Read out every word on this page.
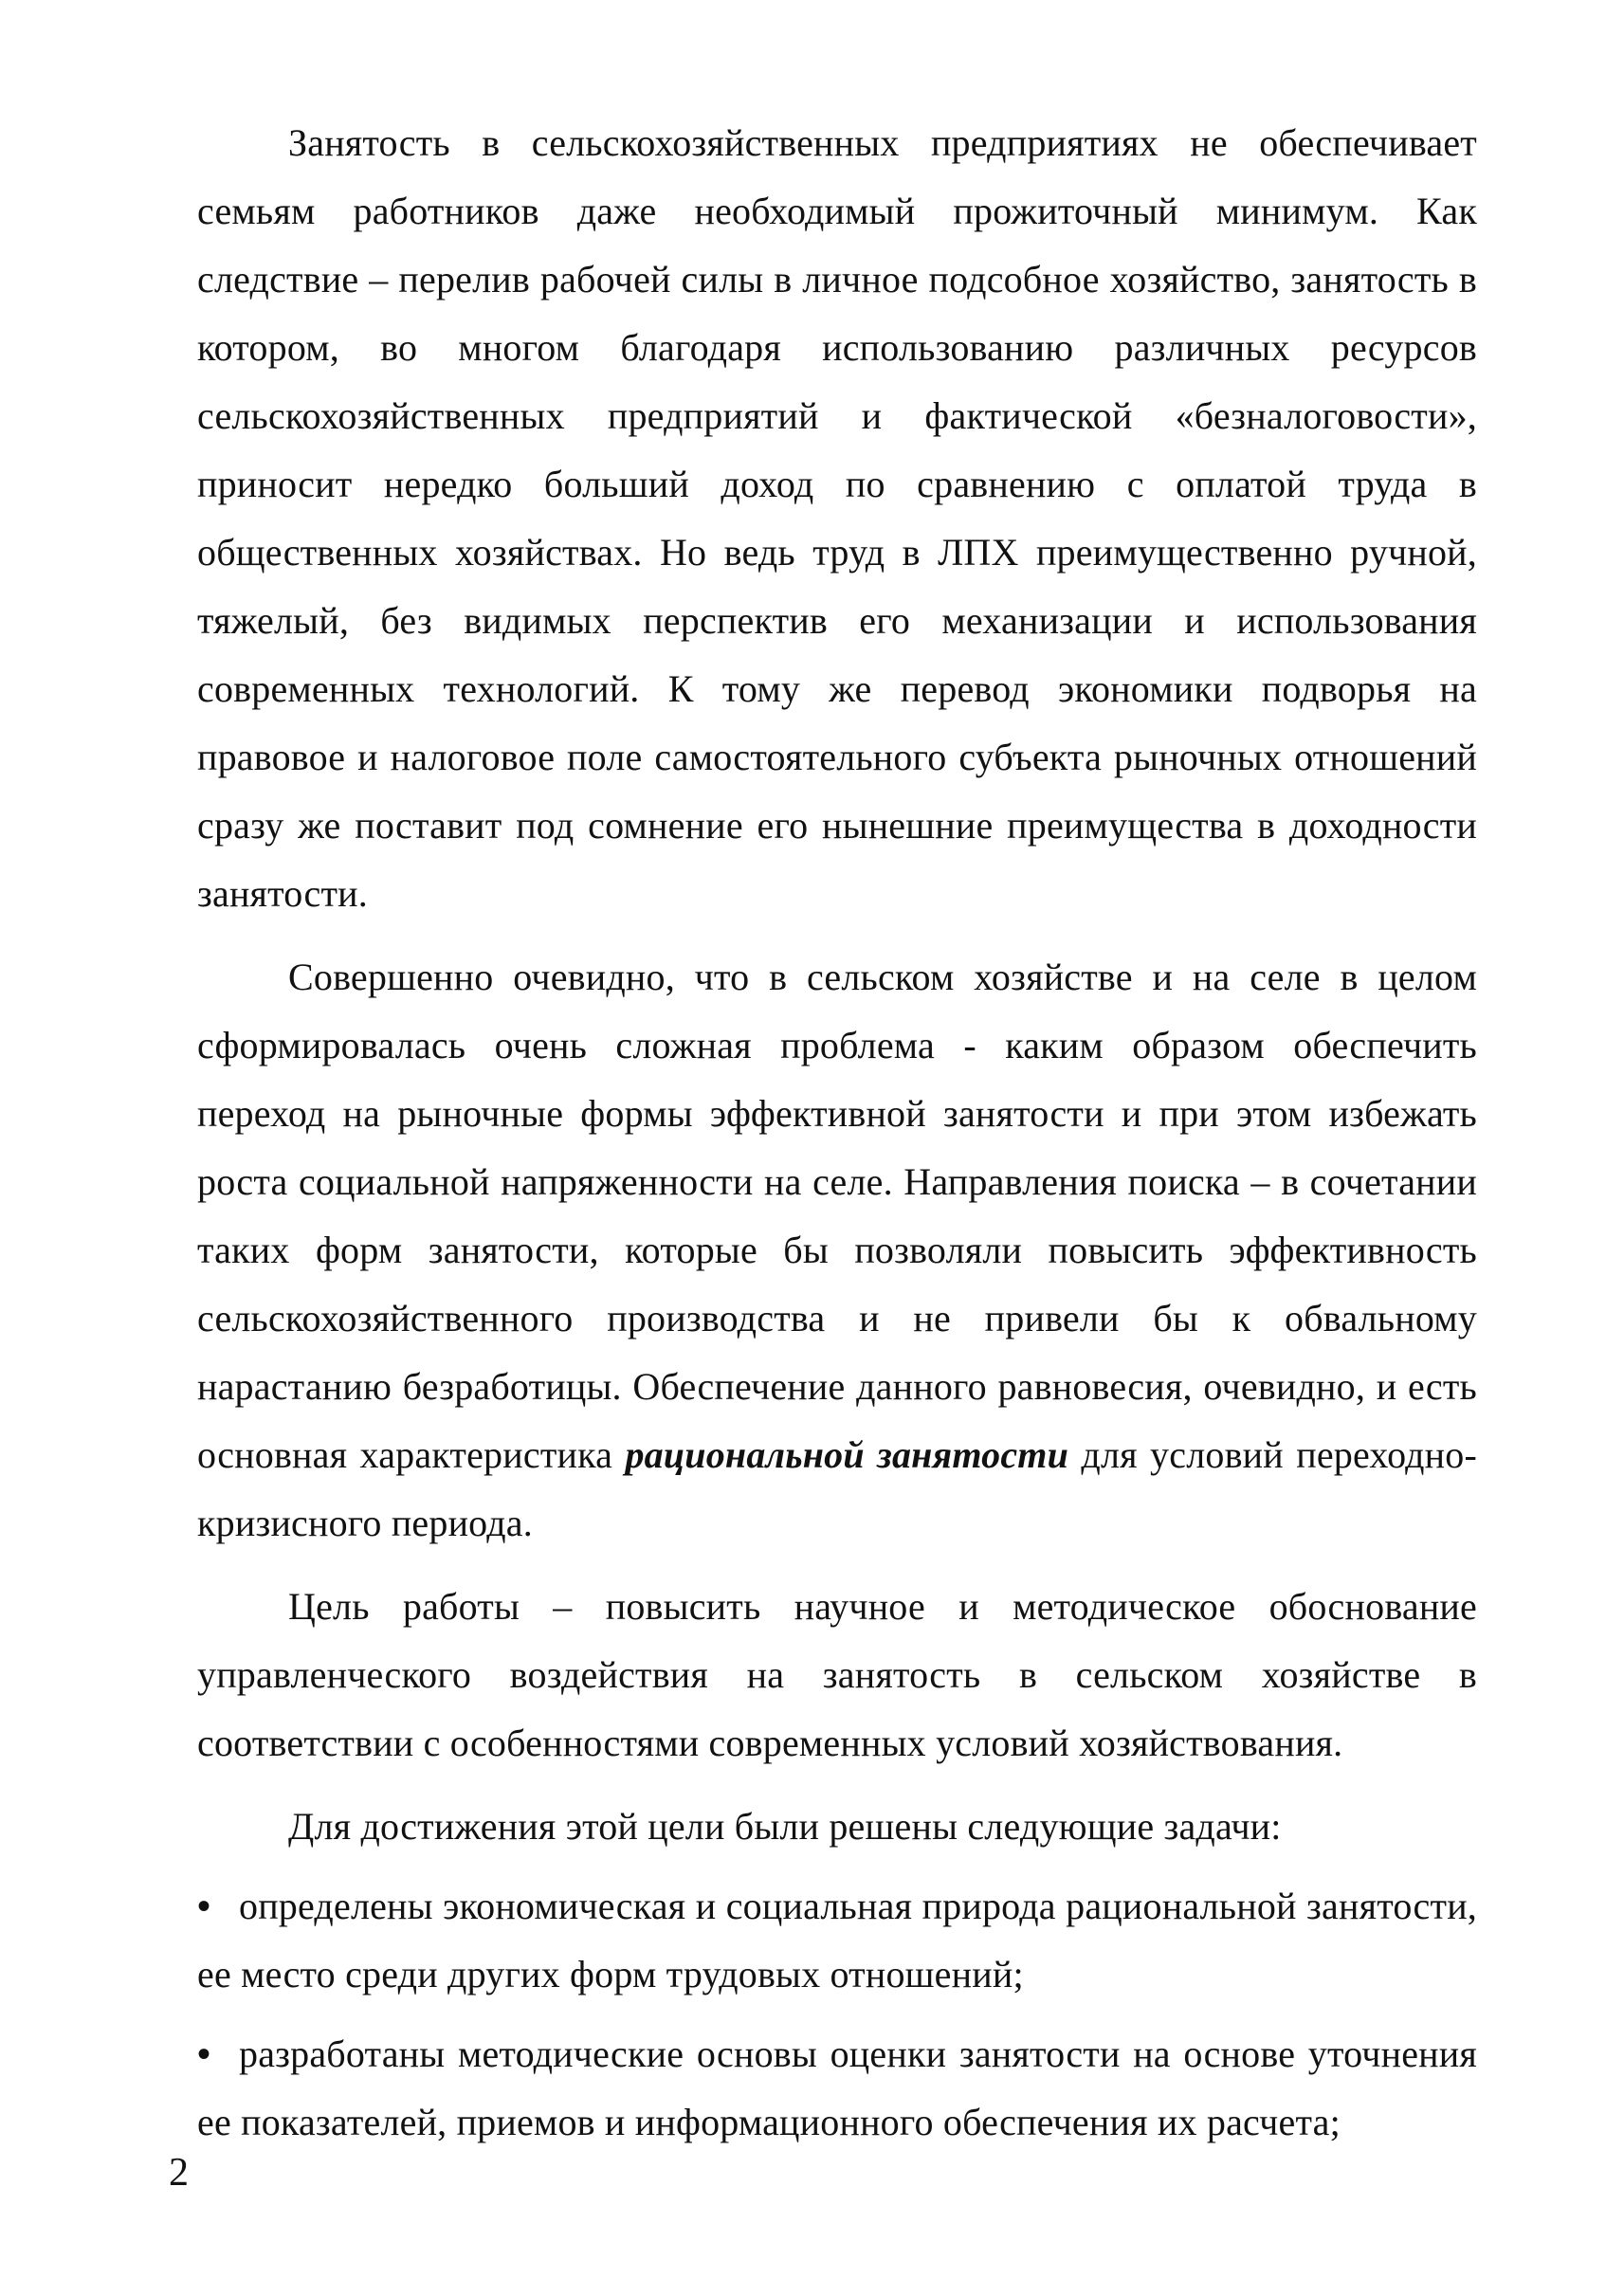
Занятость в сельскохозяйственных предприятиях не обеспечивает семьям работников даже необходимый прожиточный минимум. Как следствие – перелив рабочей силы в личное подсобное хозяйство, занятость в котором, во многом благодаря использованию различных ресурсов сельскохозяйственных предприятий и фактической «безналоговости», приносит нередко больший доход по сравнению с оплатой труда в общественных хозяйствах. Но ведь труд в ЛПХ преимущественно ручной, тяжелый, без видимых перспектив его механизации и использования современных технологий. К тому же перевод экономики подворья на правовое и налоговое поле самостоятельного субъекта рыночных отношений сразу же поставит под сомнение его нынешние преимущества в доходности занятости.

Совершенно очевидно, что в сельском хозяйстве и на селе в целом сформировалась очень сложная проблема - каким образом обеспечить переход на рыночные формы эффективной занятости и при этом избежать роста социальной напряженности на селе. Направления поиска – в сочетании таких форм занятости, которые бы позволяли повысить эффективность сельскохозяйственного производства и не привели бы к обвальному нарастанию безработицы. Обеспечение данного равновесия, очевидно, и есть основная характеристика рациональной занятости для условий переходно-кризисного периода.

Цель работы – повысить научное и методическое обоснование управленческого воздействия на занятость в сельском хозяйстве в соответствии с особенностями современных условий хозяйствования.

Для достижения этой цели были решены следующие задачи:

• определены экономическая и социальная природа рациональной занятости, ее место среди других форм трудовых отношений;
• разработаны методические основы оценки занятости на основе уточнения ее показателей, приемов и информационного обеспечения их расчета;
2
